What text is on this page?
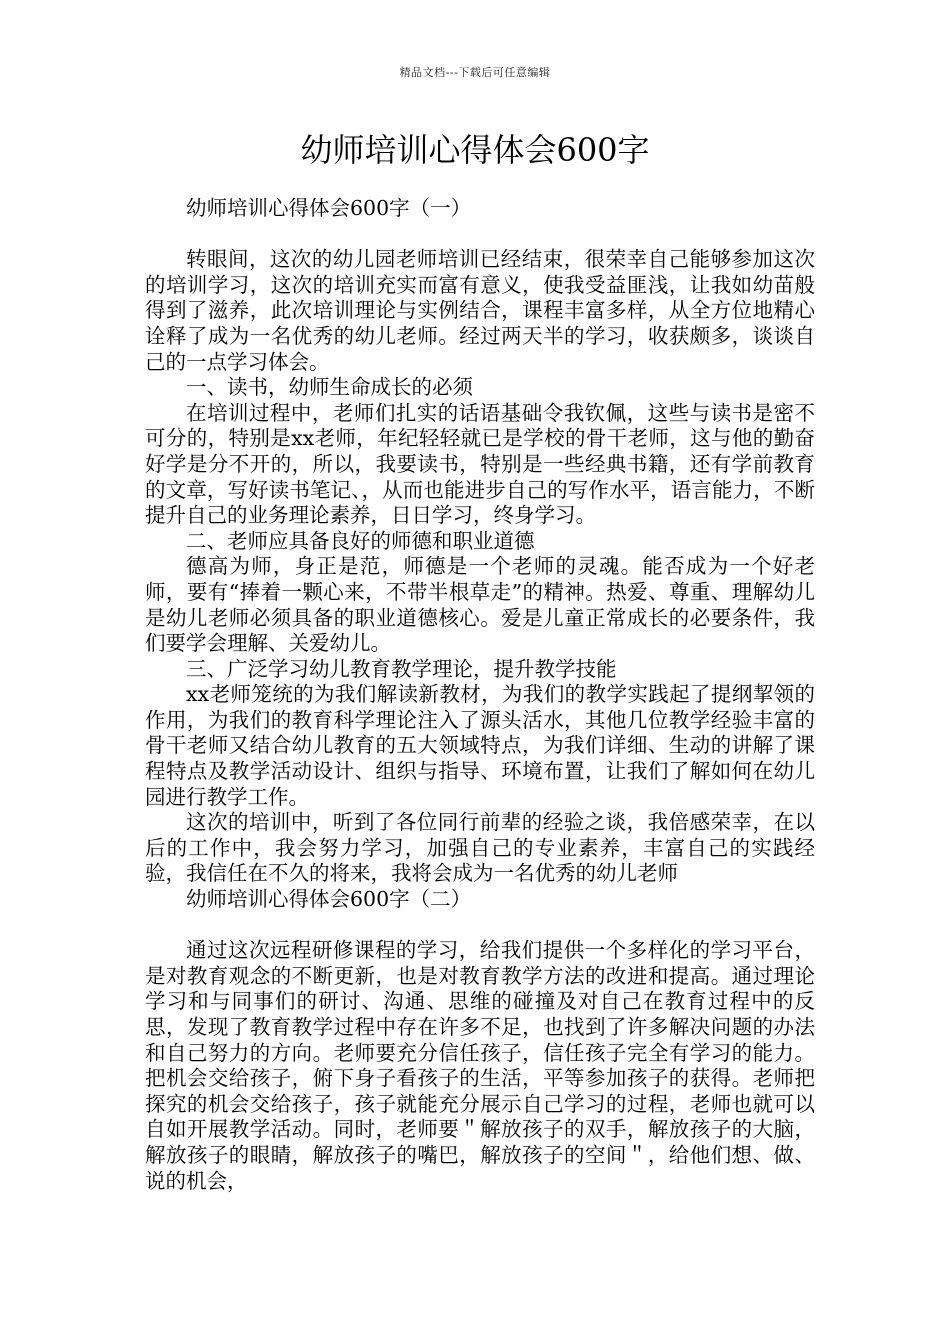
精品文档---下载后可任意编辑
幼师培训心得体会600字
幼师培训心得体会600字（一）

转眼间，这次的幼儿园老师培训已经结束，很荣幸自己能够参加这次的培训学习，这次的培训充实而富有意义，使我受益匪浅，让我如幼苗般得到了滋养，此次培训理论与实例结合，课程丰富多样，从全方位地精心诠释了成为一名优秀的幼儿老师。经过两天半的学习，收获颇多，谈谈自己的一点学习体会。

一、读书，幼师生命成长的必须

在培训过程中，老师们扎实的话语基础令我钦佩，这些与读书是密不可分的，特别是xx老师，年纪轻轻就已是学校的骨干老师，这与他的勤奋好学是分不开的，所以，我要读书，特别是一些经典书籍，还有学前教育的文章，写好读书笔记、，从而也能进步自己的写作水平，语言能力，不断提升自己的业务理论素养，日日学习，终身学习。

二、老师应具备良好的师德和职业道德

德高为师，身正是范，师德是一个老师的灵魂。能否成为一个好老师，要有“捧着一颗心来，不带半根草走”的精神。热爱、尊重、理解幼儿是幼儿老师必须具备的职业道德核心。爱是儿童正常成长的必要条件，我们要学会理解、关爱幼儿。

三、广泛学习幼儿教育教学理论，提升教学技能

xx老师笼统的为我们解读新教材，为我们的教学实践起了提纲挈领的作用，为我们的教育科学理论注入了源头活水，其他几位教学经验丰富的骨干老师又结合幼儿教育的五大领域特点，为我们详细、生动的讲解了课程特点及教学活动设计、组织与指导、环境布置，让我们了解如何在幼儿园进行教学工作。

这次的培训中，听到了各位同行前辈的经验之谈，我倍感荣幸，在以后的工作中，我会努力学习，加强自己的专业素养，丰富自己的实践经验，我信任在不久的将来，我将会成为一名优秀的幼儿老师

幼师培训心得体会600字（二）

通过这次远程研修课程的学习，给我们提供一个多样化的学习平台，是对教育观念的不断更新，也是对教育教学方法的改进和提高。通过理论学习和与同事们的研讨、沟通、思维的碰撞及对自己在教育过程中的反思，发现了教育教学过程中存在许多不足，也找到了许多解决问题的办法和自己努力的方向。老师要充分信任孩子，信任孩子完全有学习的能力。把机会交给孩子，俯下身子看孩子的生活，平等参加孩子的获得。老师把探究的机会交给孩子，孩子就能充分展示自己学习的过程，老师也就可以自如开展教学活动。同时，老师要＂解放孩子的双手，解放孩子的大脑，解放孩子的眼睛，解放孩子的嘴巴，解放孩子的空间＂，给他们想、做、说的机会，
